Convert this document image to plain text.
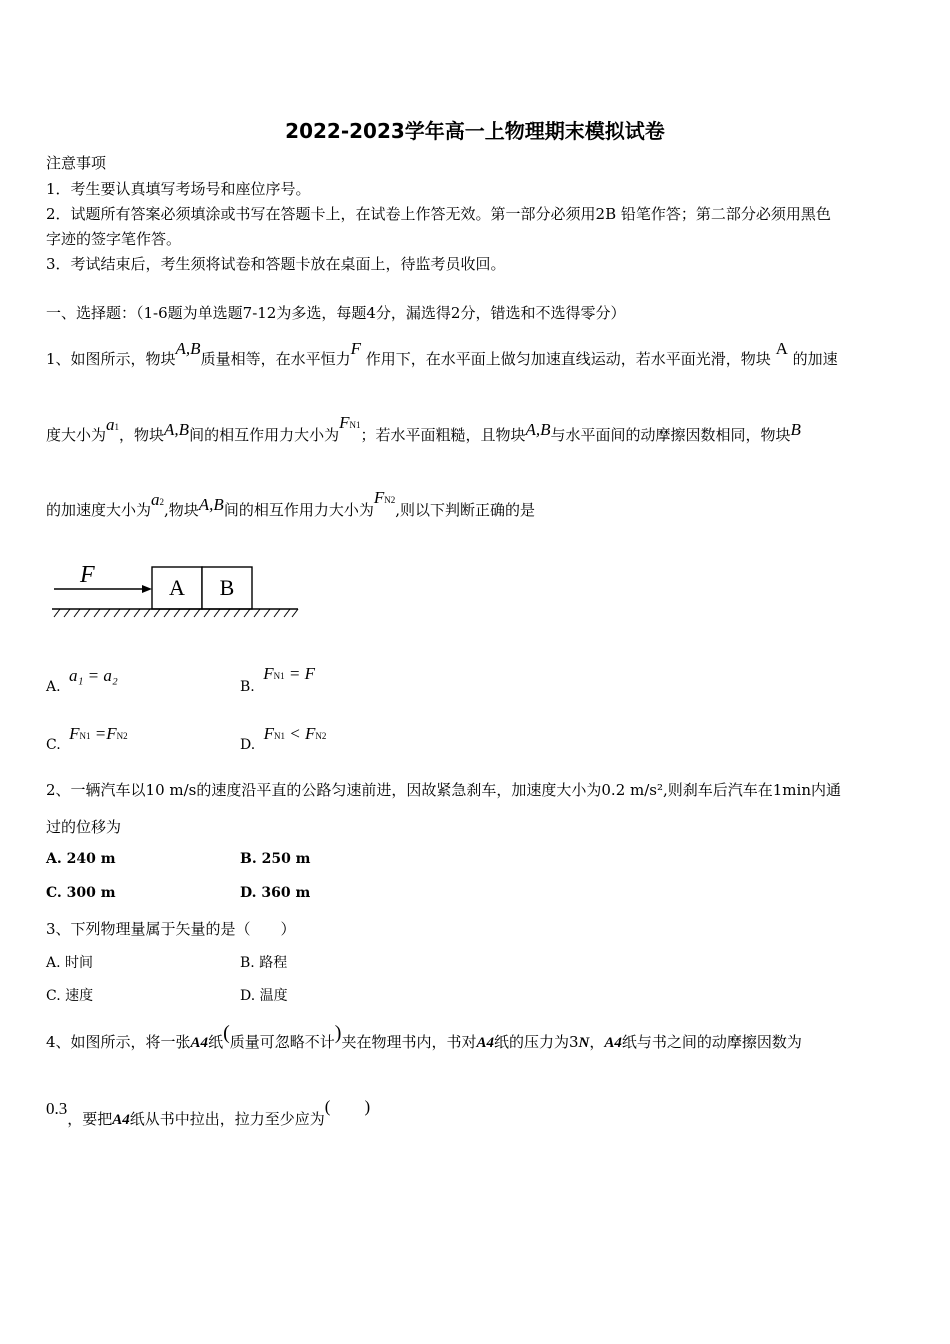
2022-2023学年高一上物理期末模拟试卷
注意事项
1．考生要认真填写考场号和座位序号。
2．试题所有答案必须填涂或书写在答题卡上，在试卷上作答无效。第一部分必须用2B 铅笔作答；第二部分必须用黑色
字迹的签字笔作答。
3．考试结束后，考生须将试卷和答题卡放在桌面上，待监考员收回。
一、选择题：（1-6题为单选题7-12为多选，每题4分，漏选得2分，错选和不选得零分）
1、如图所示，物块A,B质量相等，在水平恒力F 作用下，在水平面上做匀加速直线运动，若水平面光滑，物块 A 的加速
度大小为a1，物块A,B间的相互作用力大小为FN1；若水平面粗糙，且物块A,B与水平面间的动摩擦因数相同，物块B
的加速度大小为a2,物块A,B间的相互作用力大小为FN2,则以下判断正确的是
F	A B
A. a₁ = a₂
B. FN1 = F
C. FN1 =FN2
D. FN1 < FN2
2、一辆汽车以10 m/s的速度沿平直的公路匀速前进，因故紧急刹车，加速度大小为0.2 m/s²,则刹车后汽车在1min内通
过的位移为
A. 240 m	B. 250 m
C. 300 m	D. 360 m
3、下列物理量属于矢量的是（　　）
A. 时间	B. 路程
C. 速度	D. 温度
4、如图所示，将一张A4纸(质量可忽略不计)夹在物理书内，书对A4纸的压力为3N，A4纸与书之间的动摩擦因数为
0.3，要把A4纸从书中拉出，拉力至少应为(　　)
